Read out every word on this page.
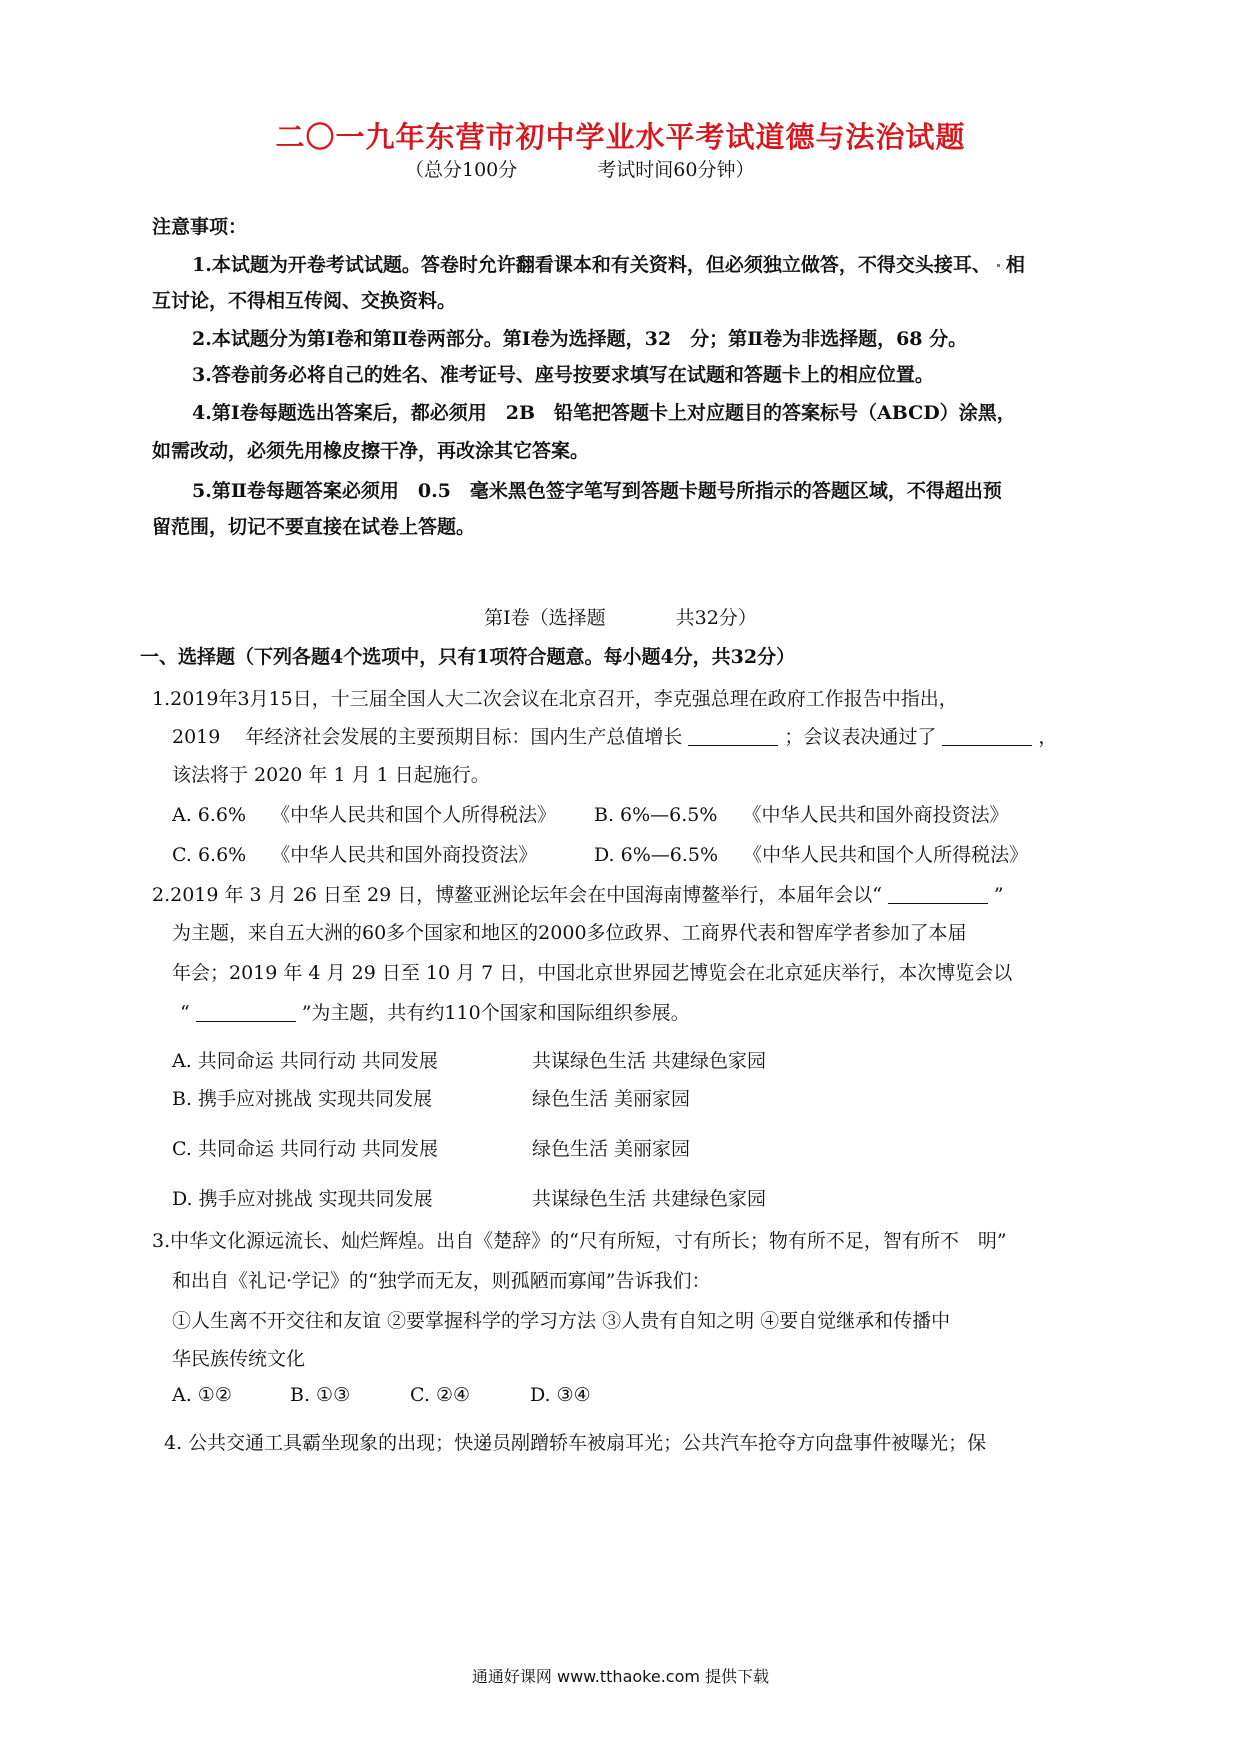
二〇一九年东营市初中学业水平考试道德与法治试题
（总分100分	考试时间60分钟）
注意事项：
1.本试题为开卷考试试题。答卷时允许翻看课本和有关资料，但必须独立做答，不得交头接耳、 相
互讨论，不得相互传阅、交换资料。
2.本试题分为第Ⅰ卷和第Ⅱ卷两部分。第Ⅰ卷为选择题，32　分；第Ⅱ卷为非选择题，68 分。
3.答卷前务必将自己的姓名、准考证号、座号按要求填写在试题和答题卡上的相应位置。
4.第Ⅰ卷每题选出答案后，都必须用　2B　铅笔把答题卡上对应题目的答案标号（ABCD）涂黑，
如需改动，必须先用橡皮擦干净，再改涂其它答案。
5.第Ⅱ卷每题答案必须用　0.5　毫米黑色签字笔写到答题卡题号所指示的答题区域，不得超出预
留范围，切记不要直接在试卷上答题。
第Ⅰ卷（选择题	共32分）
一、选择题（下列各题4个选项中，只有1项符合题意。每小题4分，共32分）
1.2019年3月15日，十三届全国人大二次会议在北京召开，李克强总理在政府工作报告中指出，
2019　 年经济社会发展的主要预期目标：国内生产总值增长	；会议表决通过了	，
该法将于 2020 年 1 月 1 日起施行。
A. 6.6%　 《中华人民共和国个人所得税法》 B. 6%—6.5%　 《中华人民共和国外商投资法》
C. 6.6%　 《中华人民共和国外商投资法》	D. 6%—6.5%　 《中华人民共和国个人所得税法》
2.2019 年 3 月 26 日至 29 日，博鳌亚洲论坛年会在中国海南博鳌举行，本届年会以“	”
为主题，来自五大洲的60多个国家和地区的2000多位政界、工商界代表和智库学者参加了本届
年会；2019 年 4 月 29 日至 10 月 7 日，中国北京世界园艺博览会在北京延庆举行，本次博览会以
“	”为主题，共有约110个国家和国际组织参展。
A. 共同命运 共同行动 共同发展	共谋绿色生活 共建绿色家园
B. 携手应对挑战 实现共同发展	绿色生活 美丽家园
C. 共同命运 共同行动 共同发展	绿色生活 美丽家园
D. 携手应对挑战 实现共同发展	共谋绿色生活 共建绿色家园
3.中华文化源远流长、灿烂辉煌。出自《楚辞》的“尺有所短，寸有所长；物有所不足，智有所不　明”
和出自《礼记·学记》的“独学而无友，则孤陋而寡闻”告诉我们：
①人生离不开交往和友谊 ②要掌握科学的学习方法 ③人贵有自知之明 ④要自觉继承和传播中
华民族传统文化
A. ①②	B. ①③	C. ②④	D. ③④
4. 公共交通工具霸坐现象的出现；快递员剐蹭轿车被扇耳光；公共汽车抢夺方向盘事件被曝光；保
通通好课网 www.tthaoke.com 提供下载
